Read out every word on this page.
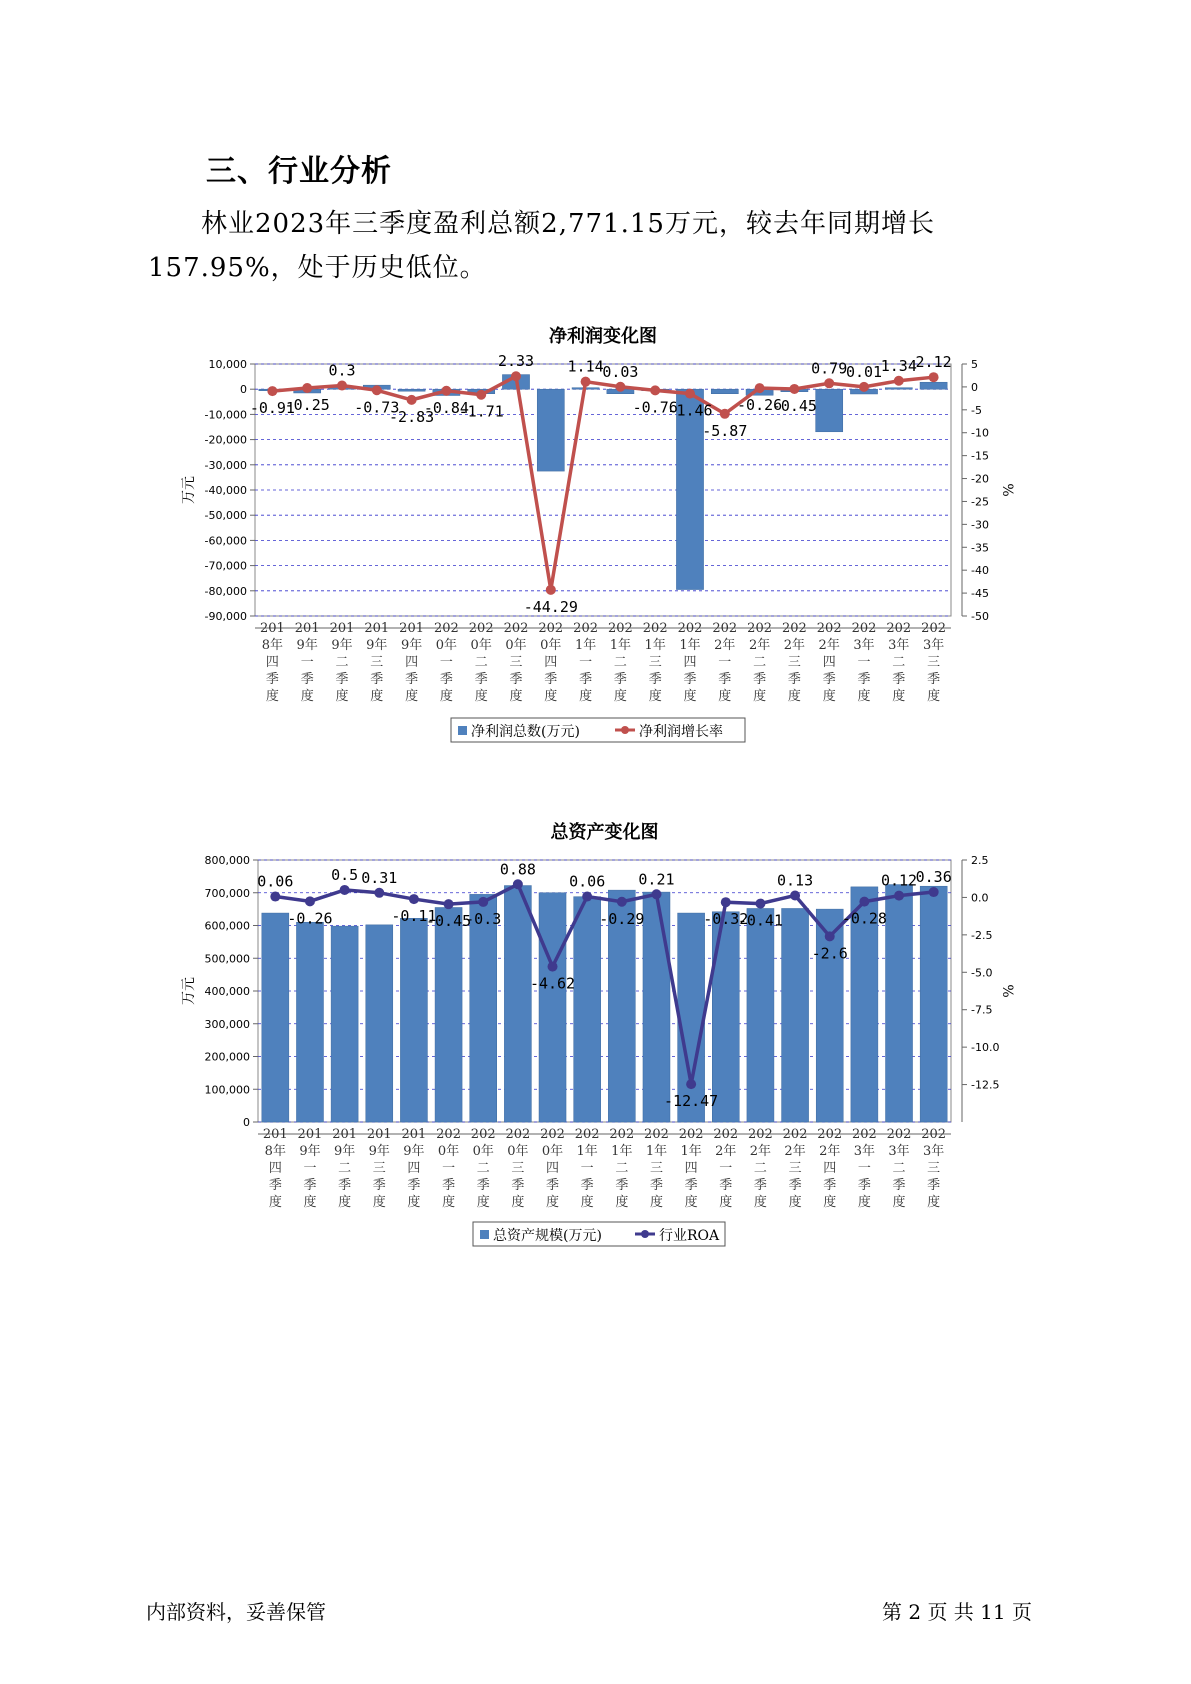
三、行业分析
林业2023年三季度盈利总额2,771.15万元，较去年同期增长157.95%，处于历史低位。
净利润变化图
10,000
0
-10,000
-20,000
-30,000
-40,000
-50,000
-60,000
-70,000
-80,000
-90,000
5
0
-5
-10
-15
-20
-25
-30
-35
-40
-45
-50
万元	%
-0.91
-0.25
0.3
-0.73
-2.83
-0.84
-1.71
2.33
-44.29
1.14
0.03
-0.76
-1.46
-5.87
-0.26
-0.45
0.79
0.01
1.34
2.12
201 8年四季度
201 9年一季度
201 9年二季度
201 9年三季度
201 9年四季度
202 0年一季度
202 0年二季度
202 0年三季度
202 0年四季度
202 1年一季度
202 1年二季度
202 1年三季度
202 1年四季度
202 2年一季度
202 2年二季度
202 2年三季度
202 2年四季度
202 3年一季度
202 3年二季度
202 3年三季度
净利润总数(万元)	净利润增长率
总资产变化图
800,000
700,000
600,000
500,000
400,000
300,000
200,000
100,000
0
2.5
0.0
-2.5
-5.0
-7.5
-10.0
-12.5
万元	%
0.06
-0.26
0.5 0.31
-0.11
-0.45
-0.3
0.88
-4.62
0.06
-0.29
0.21
-12.47
-0.32
-0.41
0.13
-2.6
-0.28
0.12
0.36
201 8年四季度
201 9年一季度
201 9年二季度
201 9年三季度
201 9年四季度
202 0年一季度
202 0年二季度
202 0年三季度
202 0年四季度
202 1年一季度
202 1年二季度
202 1年三季度
202 1年四季度
202 2年一季度
202 2年二季度
202 2年三季度
202 2年四季度
202 3年一季度
202 3年二季度
202 3年三季度
总资产规模(万元)	行业ROA
内部资料，妥善保管	第 2 页 共 11 页
